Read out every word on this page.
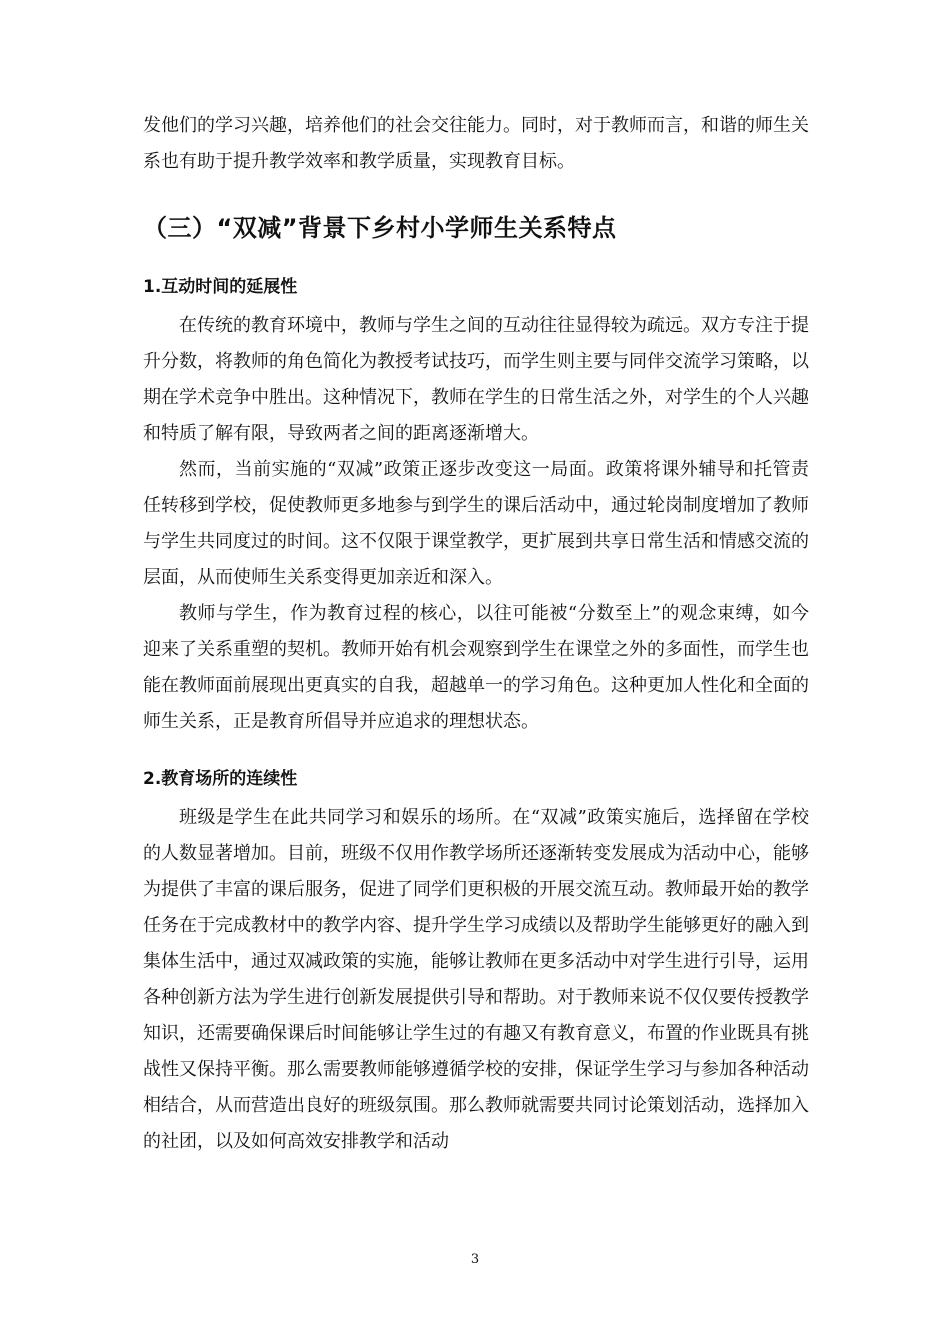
发他们的学习兴趣，培养他们的社会交往能力。同时，对于教师而言，和谐的师生关系也有助于提升教学效率和教学质量，实现教育目标。

（三）“双减”背景下乡村小学师生关系特点
1.互动时间的延展性

在传统的教育环境中，教师与学生之间的互动往往显得较为疏远。双方专注于提升分数，将教师的角色简化为教授考试技巧，而学生则主要与同伴交流学习策略，以期在学术竞争中胜出。这种情况下，教师在学生的日常生活之外，对学生的个人兴趣和特质了解有限，导致两者之间的距离逐渐增大。

然而，当前实施的“双减”政策正逐步改变这一局面。政策将课外辅导和托管责任转移到学校，促使教师更多地参与到学生的课后活动中，通过轮岗制度增加了教师与学生共同度过的时间。这不仅限于课堂教学，更扩展到共享日常生活和情感交流的层面，从而使师生关系变得更加亲近和深入。

教师与学生，作为教育过程的核心，以往可能被“分数至上”的观念束缚，如今迎来了关系重塑的契机。教师开始有机会观察到学生在课堂之外的多面性，而学生也能在教师面前展现出更真实的自我，超越单一的学习角色。这种更加人性化和全面的师生关系，正是教育所倡导并应追求的理想状态。

2.教育场所的连续性

班级是学生在此共同学习和娱乐的场所。在“双减”政策实施后，选择留在学校的人数显著增加。目前，班级不仅用作教学场所还逐渐转变发展成为活动中心，能够为提供了丰富的课后服务，促进了同学们更积极的开展交流互动。教师最开始的教学任务在于完成教材中的教学内容、提升学生学习成绩以及帮助学生能够更好的融入到集体生活中，通过双减政策的实施，能够让教师在更多活动中对学生进行引导，运用各种创新方法为学生进行创新发展提供引导和帮助。对于教师来说不仅仅要传授教学知识，还需要确保课后时间能够让学生过的有趣又有教育意义，布置的作业既具有挑战性又保持平衡。那么需要教师能够遵循学校的安排，保证学生学习与参加各种活动相结合，从而营造出良好的班级氛围。那么教师就需要共同讨论策划活动，选择加入的社团，以及如何高效安排教学和活动

3
